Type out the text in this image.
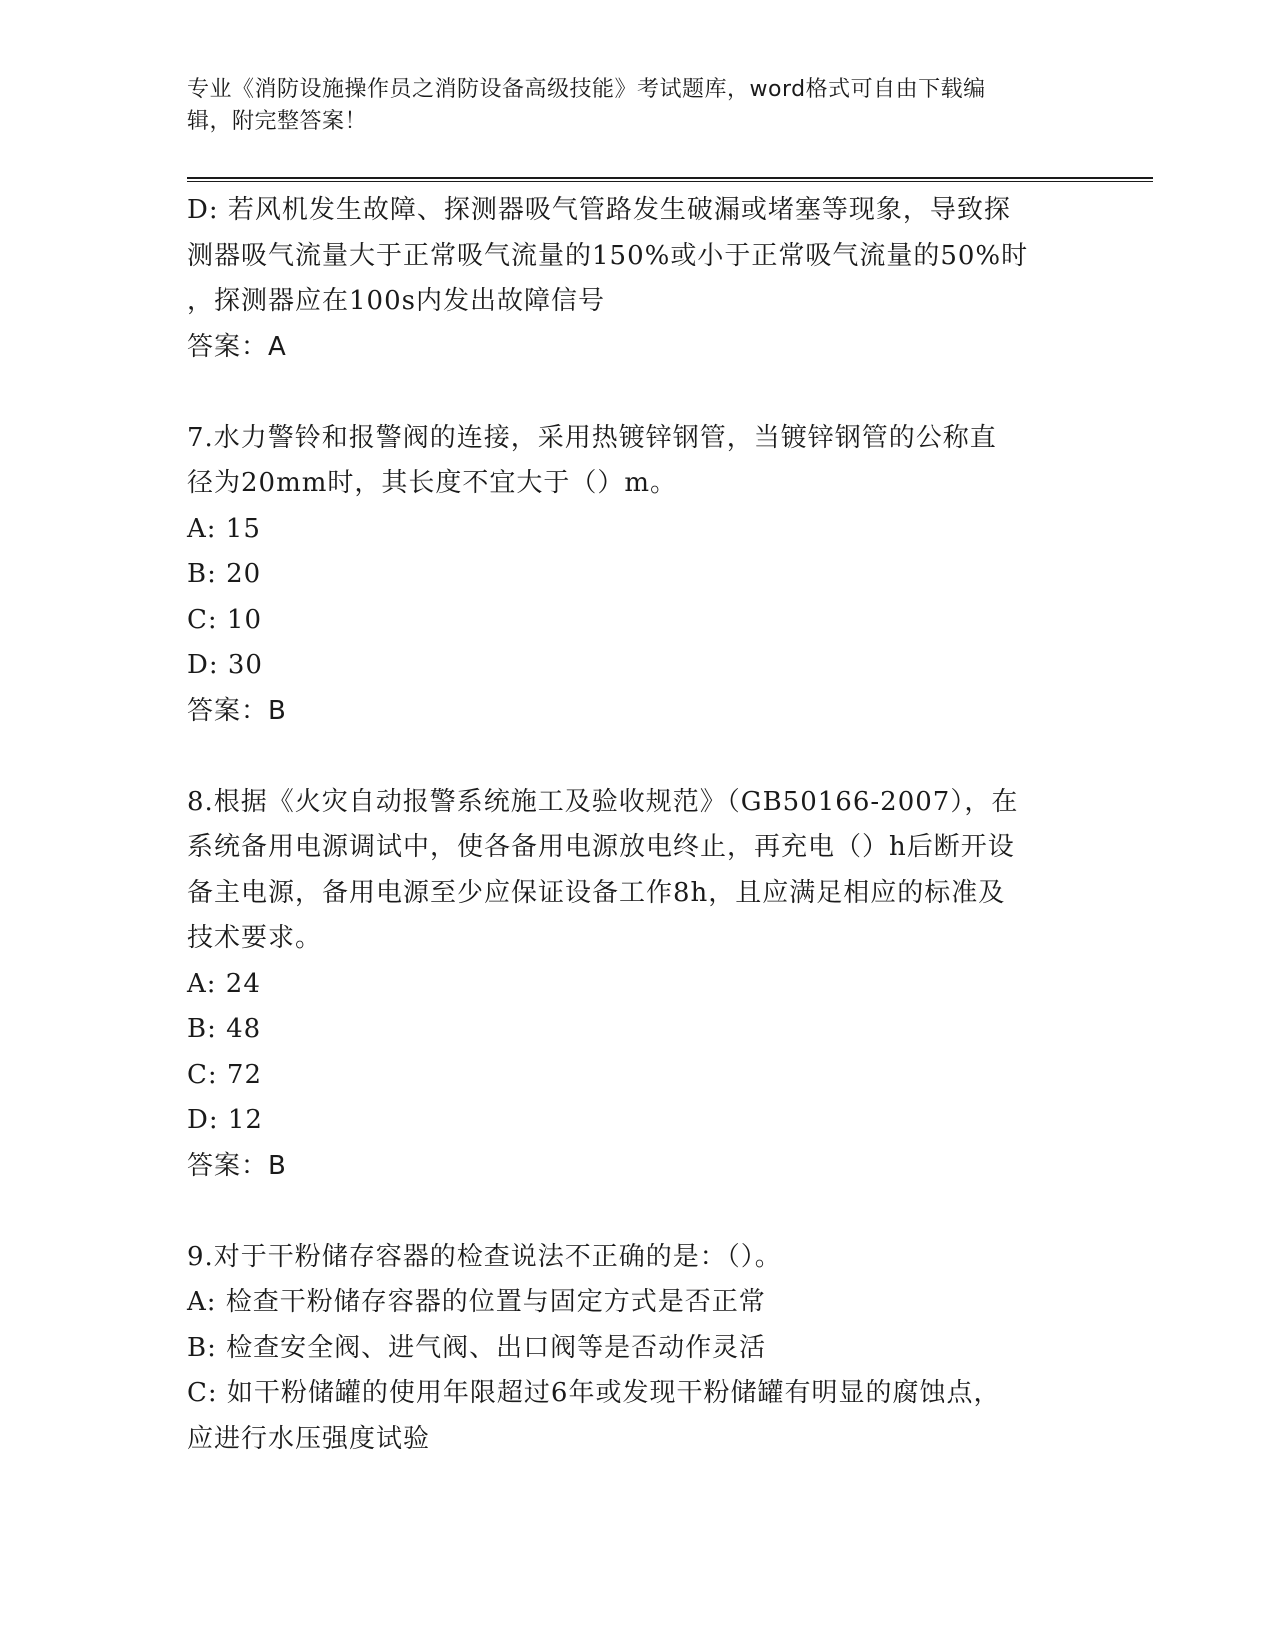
专业《消防设施操作员之消防设备高级技能》考试题库，word格式可自由下载编
辑，附完整答案！
D: 若风机发生故障、探测器吸气管路发生破漏或堵塞等现象，导致探
测器吸气流量大于正常吸气流量的150%或小于正常吸气流量的50%时
，探测器应在100s内发出故障信号
答案：A
7.水力警铃和报警阀的连接，采用热镀锌钢管，当镀锌钢管的公称直
径为20mm时，其长度不宜大于（）m。
A: 15
B: 20
C: 10
D: 30
答案：B
8.根据《火灾自动报警系统施工及验收规范》（GB50166-2007），在
系统备用电源调试中，使各备用电源放电终止，再充电（）h后断开设
备主电源，备用电源至少应保证设备工作8h，且应满足相应的标准及
技术要求。
A: 24
B: 48
C: 72
D: 12
答案：B
9.对于干粉储存容器的检查说法不正确的是：（）。
A: 检查干粉储存容器的位置与固定方式是否正常
B: 检查安全阀、进气阀、出口阀等是否动作灵活
C: 如干粉储罐的使用年限超过6年或发现干粉储罐有明显的腐蚀点，
应进行水压强度试验
